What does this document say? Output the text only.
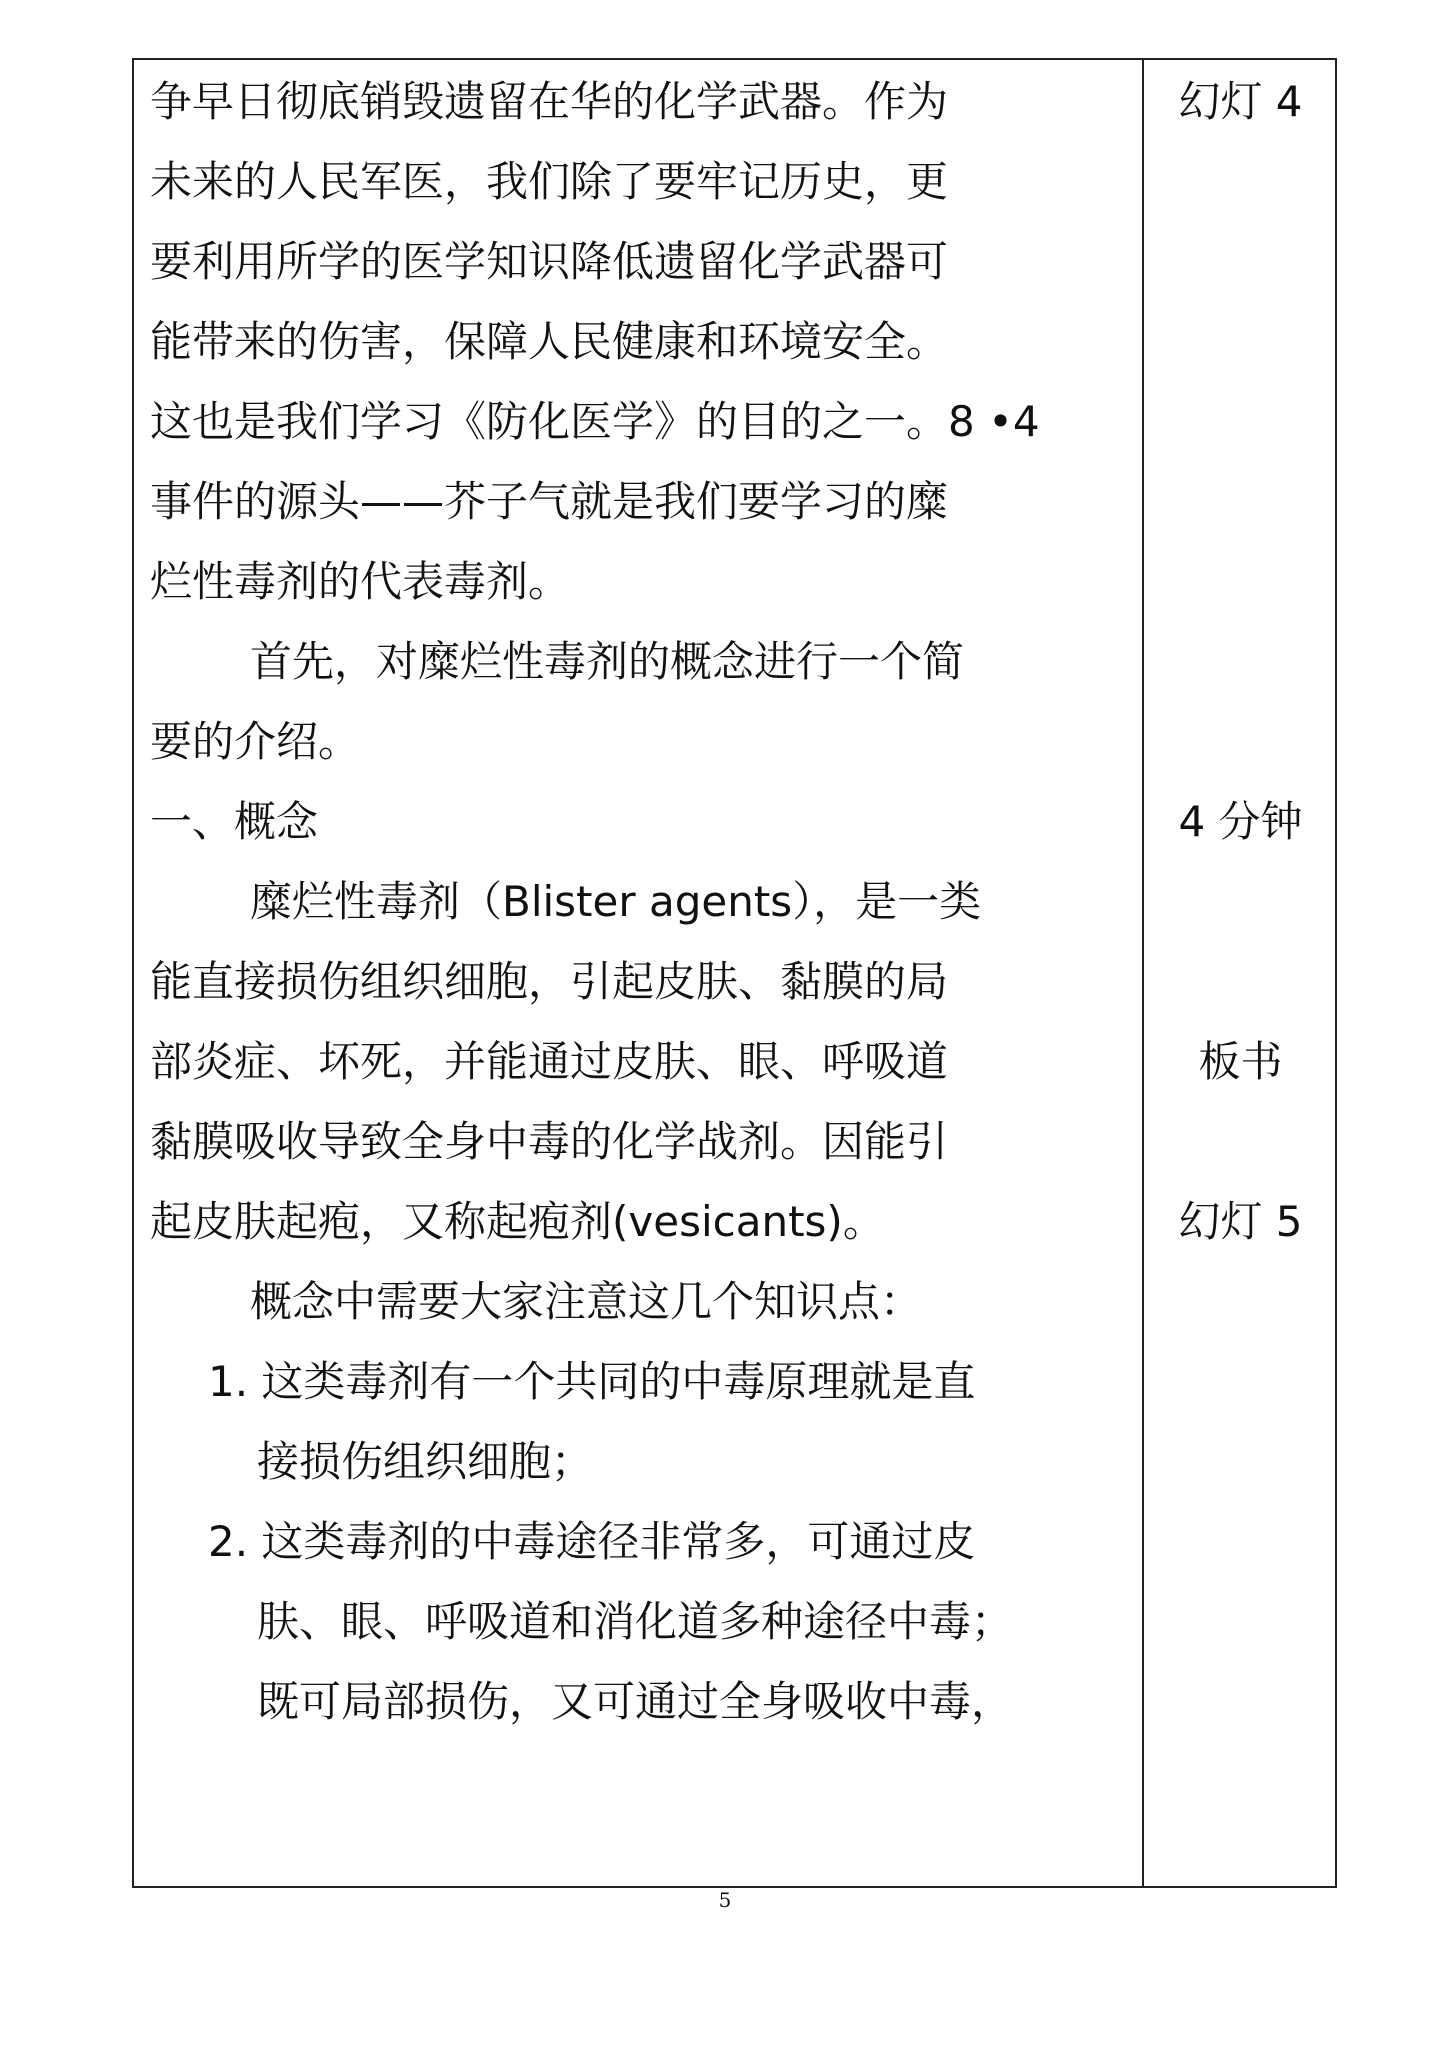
争早日彻底销毁遗留在华的化学武器。作为
未来的人民军医，我们除了要牢记历史，更
要利用所学的医学知识降低遗留化学武器可
能带来的伤害，保障人民健康和环境安全。
这也是我们学习《防化医学》的目的之一。8 •4
事件的源头——芥子气就是我们要学习的糜
烂性毒剂的代表毒剂。
首先，对糜烂性毒剂的概念进行一个简
要的介绍。
一、概念
糜烂性毒剂（Blister agents），是一类
能直接损伤组织细胞，引起皮肤、黏膜的局
部炎症、坏死，并能通过皮肤、眼、呼吸道
黏膜吸收导致全身中毒的化学战剂。因能引
起皮肤起疱，又称起疱剂(vesicants)。
概念中需要大家注意这几个知识点：
1. 这类毒剂有一个共同的中毒原理就是直
接损伤组织细胞；
2. 这类毒剂的中毒途径非常多，可通过皮
肤、眼、呼吸道和消化道多种途径中毒；
既可局部损伤，又可通过全身吸收中毒，
幻灯 4
4 分钟
板书
幻灯 5
5
